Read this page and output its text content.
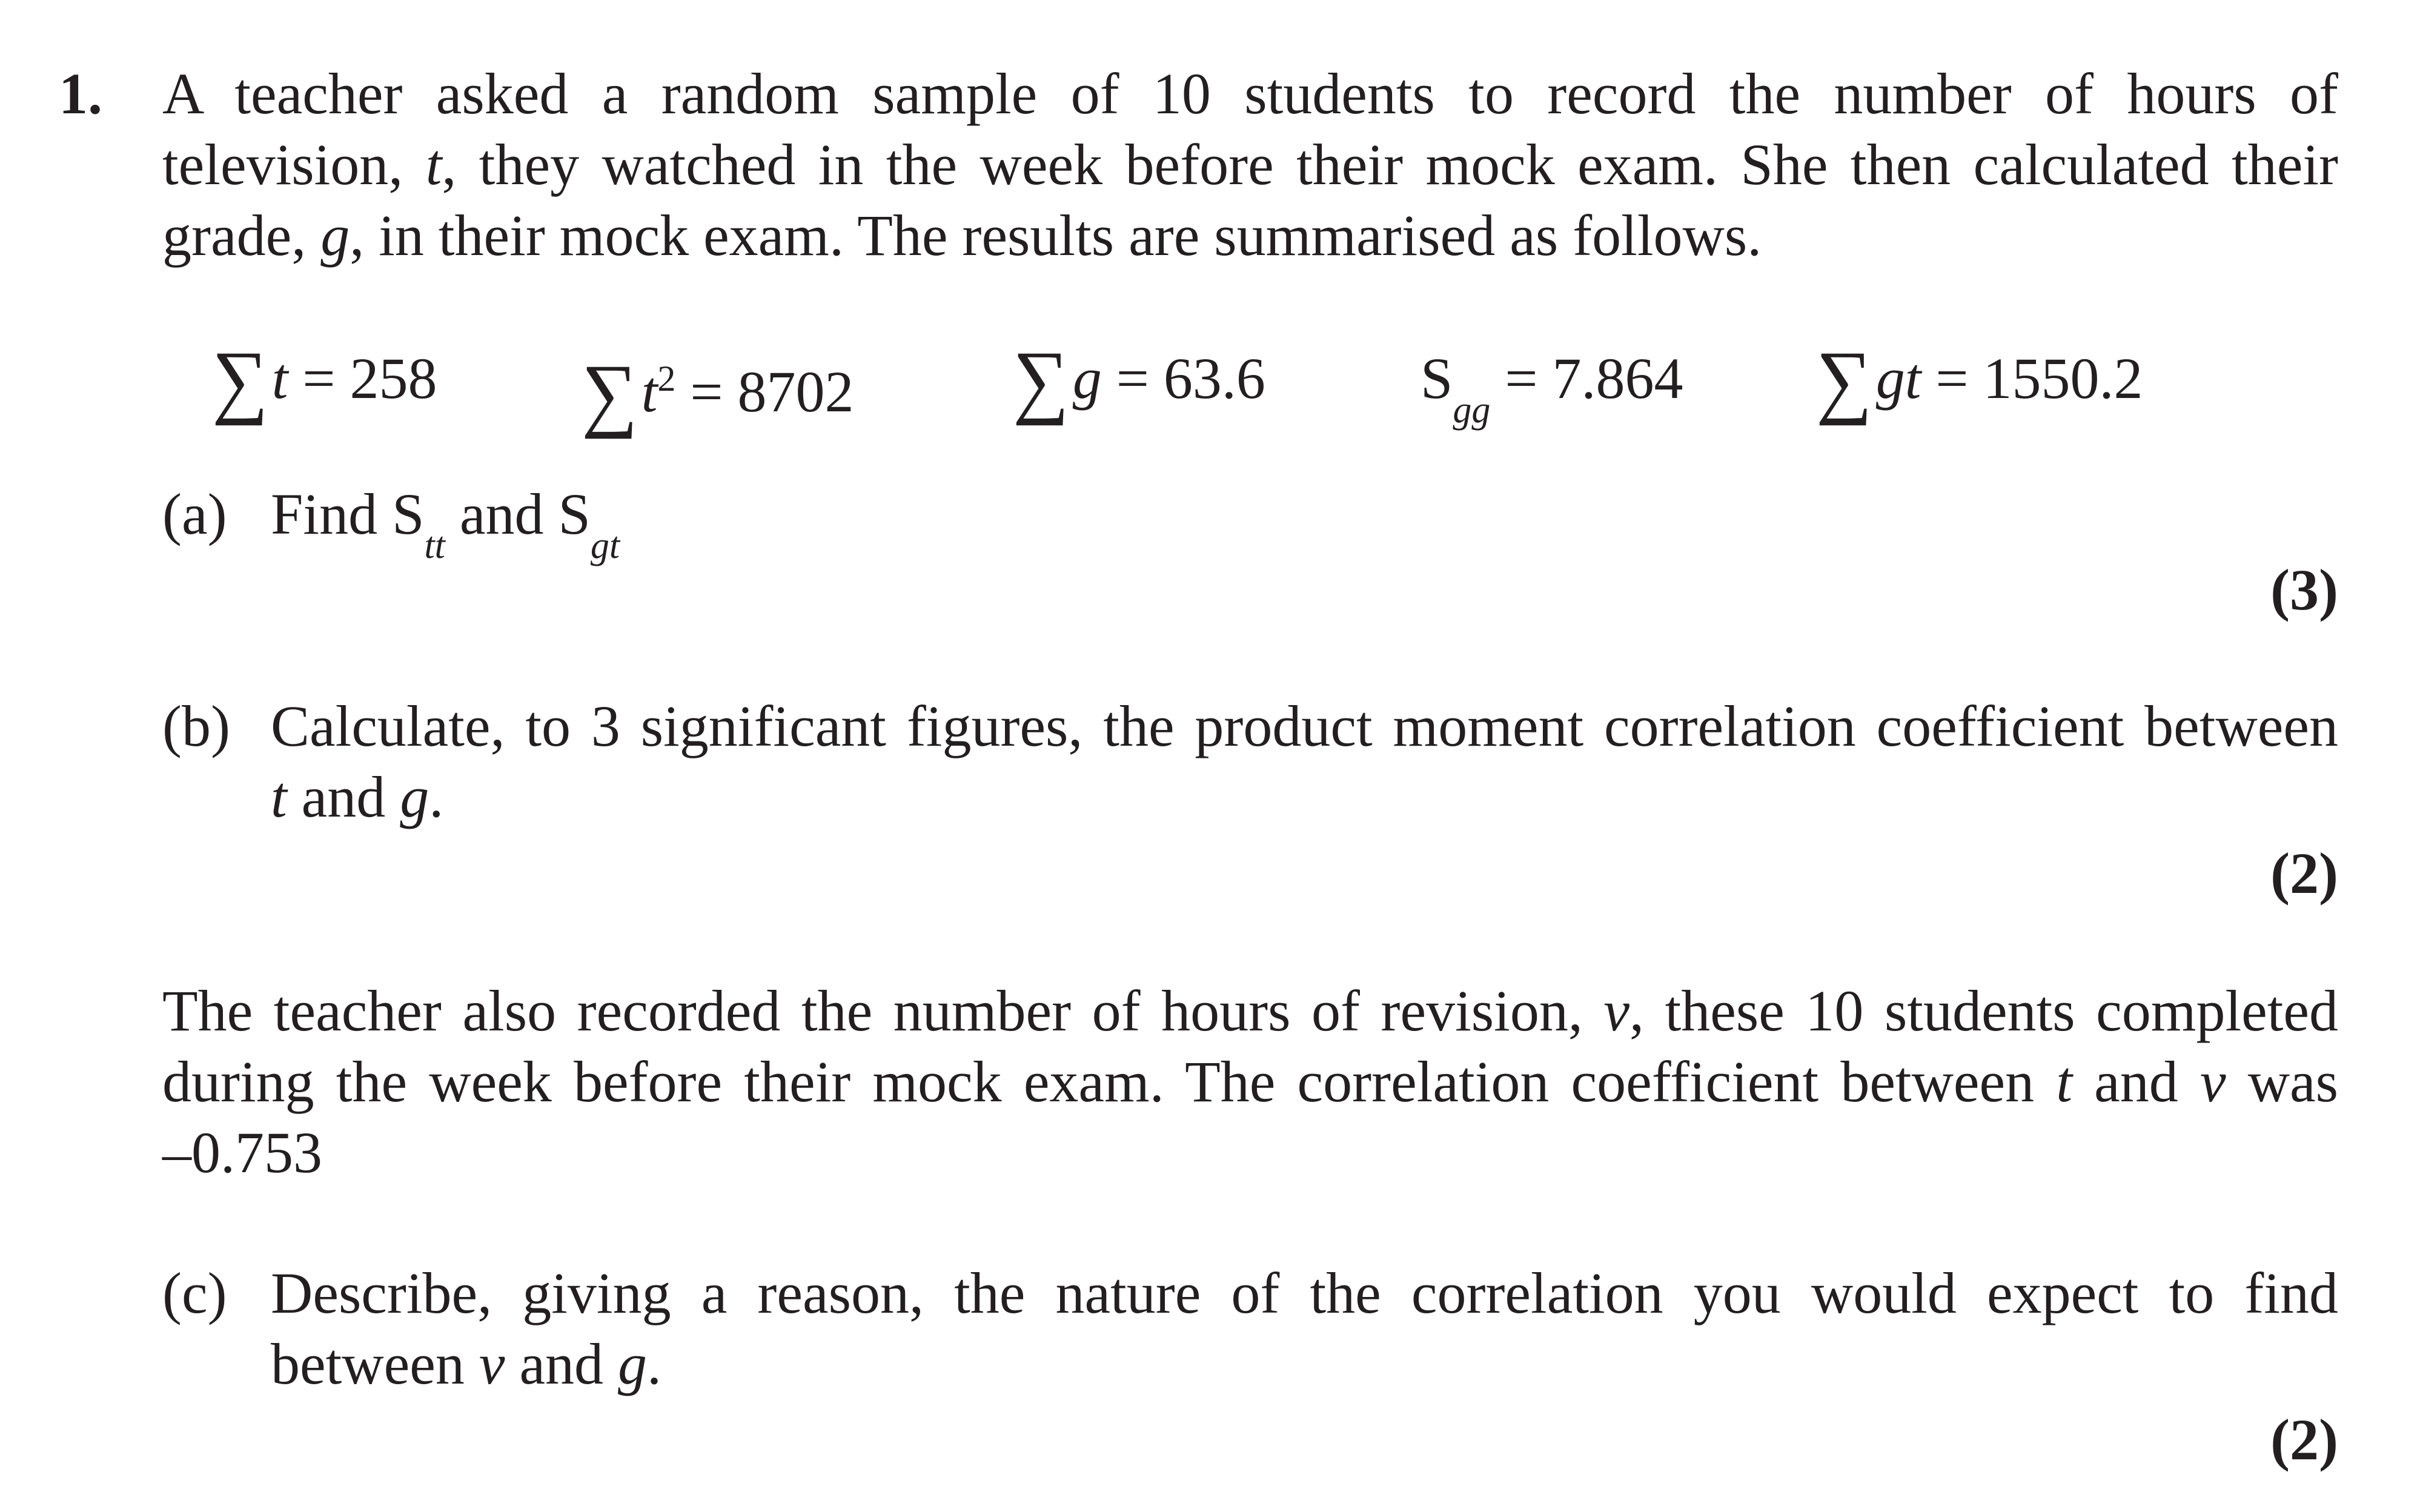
1. A teacher asked a random sample of 10 students to record the number of hours of
television, t, they watched in the week before their mock exam. She then calculated their
grade, g, in their mock exam. The results are summarised as follows.
∑t = 258 $\sum t^2 = 8702$ ∑g = 63.6	$S_{gg} = 7.864$ ∑gt = 1550.2
(a) Find $S_{tt}$ and $S_{gt}$
(3)
(b) Calculate, to 3 significant figures, the product moment correlation coefficient between
t and g.
(2)
The teacher also recorded the number of hours of revision, v, these 10 students completed
during the week before their mock exam. The correlation coefficient between t and v was
–0.753
(c) Describe, giving a reason, the nature of the correlation you would expect to find
between v and g.
(2)
